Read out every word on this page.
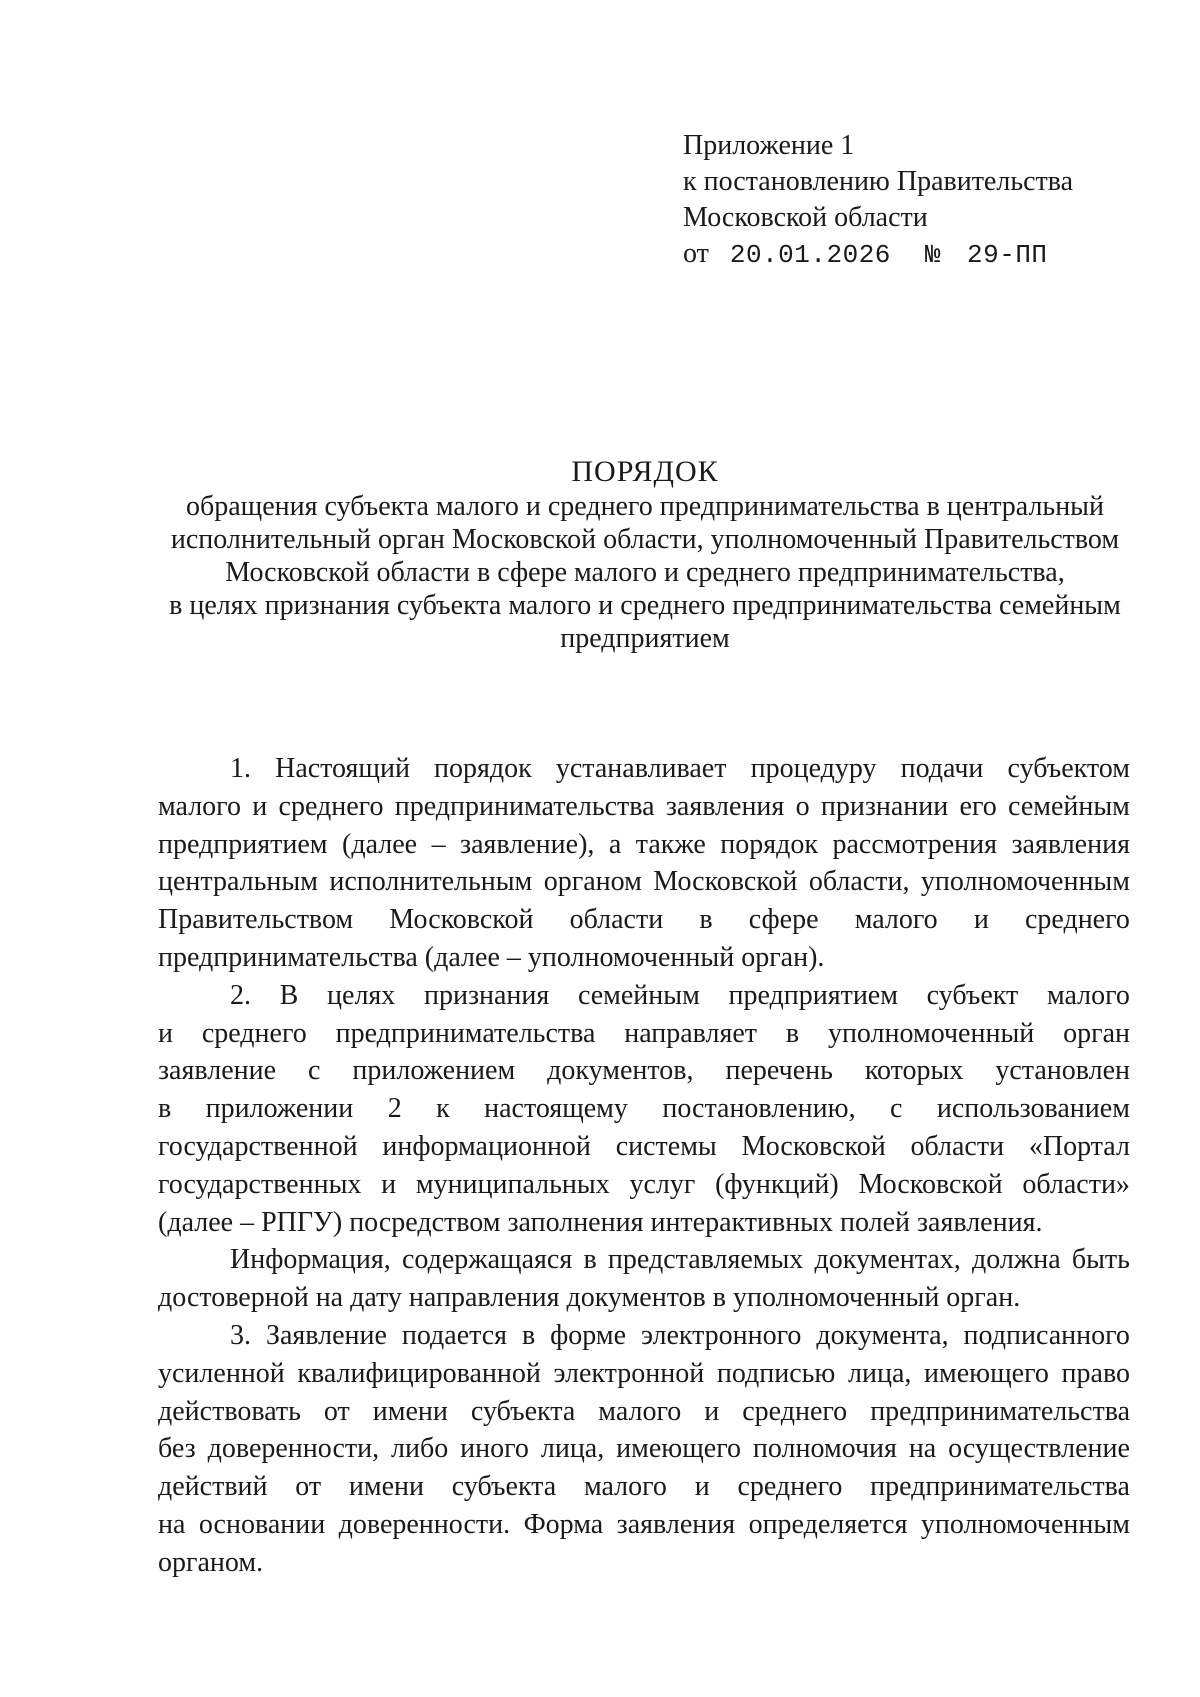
Приложение 1
к постановлению Правительства
Московской области
от 20.01.2026 № 29-ПП
ПОРЯДОК
обращения субъекта малого и среднего предпринимательства в центральный
исполнительный орган Московской области, уполномоченный Правительством
Московской области в сфере малого и среднего предпринимательства,
в целях признания субъекта малого и среднего предпринимательства семейным
предприятием
1. Настоящий порядок устанавливает процедуру подачи субъектом
малого и среднего предпринимательства заявления о признании его семейным
предприятием (далее – заявление), а также порядок рассмотрения заявления
центральным исполнительным органом Московской области, уполномоченным
Правительством Московской области в сфере малого и среднего
предпринимательства (далее – уполномоченный орган).
2. В целях признания семейным предприятием субъект малого
и среднего предпринимательства направляет в уполномоченный орган
заявление с приложением документов, перечень которых установлен
в приложении 2 к настоящему постановлению, с использованием
государственной информационной системы Московской области «Портал
государственных и муниципальных услуг (функций) Московской области»
(далее – РПГУ) посредством заполнения интерактивных полей заявления.
Информация, содержащаяся в представляемых документах, должна быть
достоверной на дату направления документов в уполномоченный орган.
3. Заявление подается в форме электронного документа, подписанного
усиленной квалифицированной электронной подписью лица, имеющего право
действовать от имени субъекта малого и среднего предпринимательства
без доверенности, либо иного лица, имеющего полномочия на осуществление
действий от имени субъекта малого и среднего предпринимательства
на основании доверенности. Форма заявления определяется уполномоченным
органом.
